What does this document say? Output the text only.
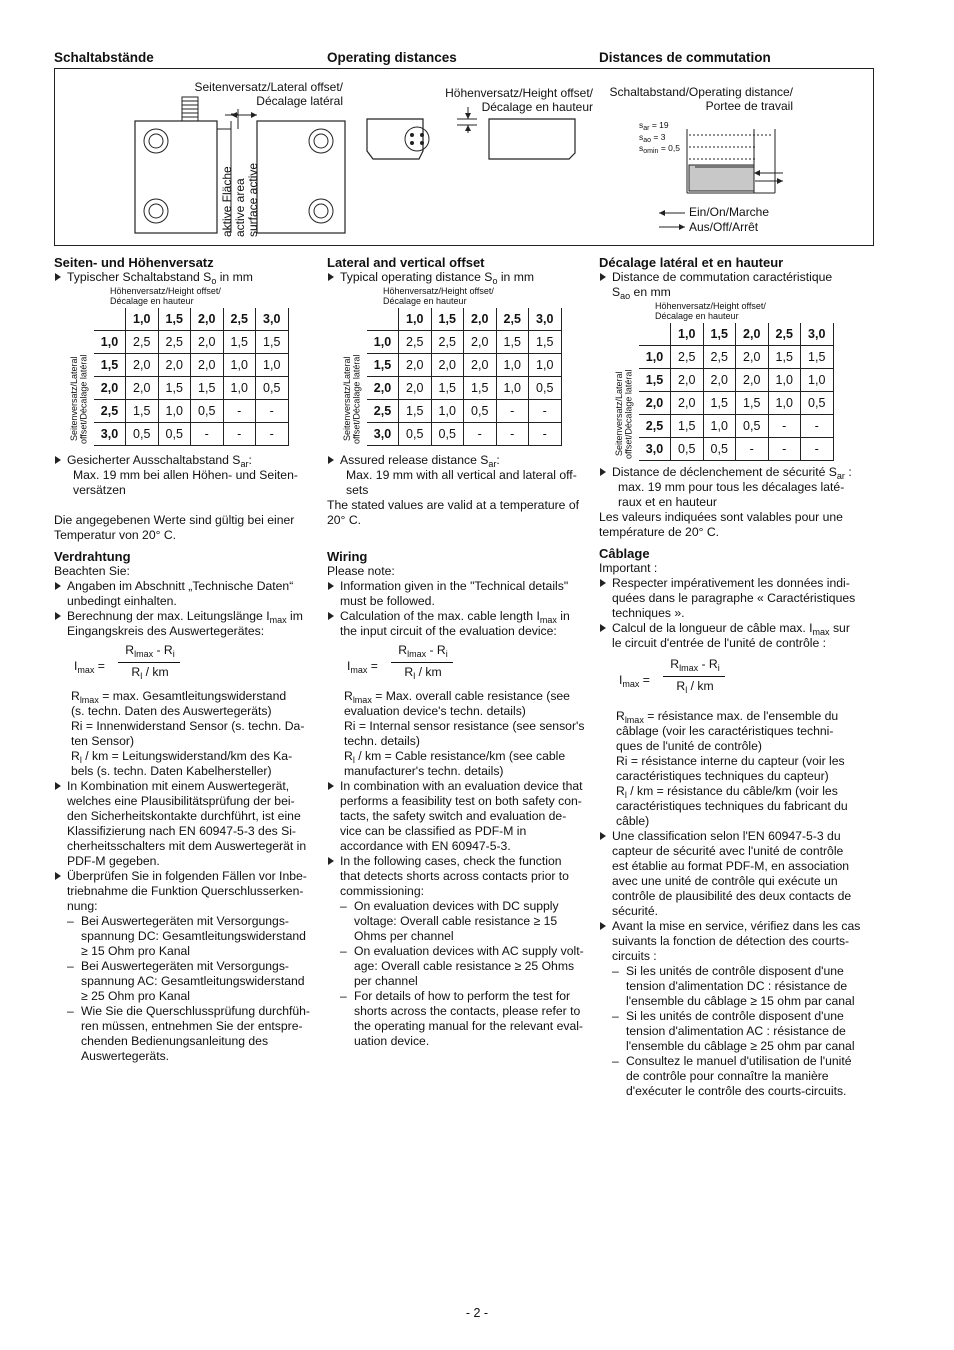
Schaltabstände	Operating distances	Distances de commutation
Seitenversatz/Lateral offset/
Décalage latéral
aktive Fläche active area surface active
Höhenversatz/Height offset/
Décalage en hauteur
Schaltabstand/Operating distance/
Portee de travail
$s_{ar} = 19$
$s_{ao} = 3$
$s_{omin} = 0,5$
Ein/On/Marche
Aus/Off/Arrêt
Seiten- und Höhenversatz
Typischer Schaltabstand $S_o$ in mm
Höhenversatz/Height offset/
Décalage en hauteur
Seitenversatz/Lateral offset/Décalage latéral
	1,0	1,5	2,0	2,5	3,0
1,0	2,5	2,5	2,0	1,5	1,5
1,5	2,0	2,0	2,0	1,0	1,0
2,0	2,0	1,5	1,5	1,0	0,5
2,5	1,5	1,0	0,5	-	-
3,0	0,5	0,5	-	-	-
Gesicherter Ausschaltabstand $S_{ar}$:
Max. 19 mm bei allen Höhen- und Seiten-
versätzen
Die angegebenen Werte sind gültig bei einer
Temperatur von 20° C.
Verdrahtung
Beachten Sie:
Angaben im Abschnitt „Technische Daten“
unbedingt einhalten.
Berechnung der max. Leitungslänge $I_{max}$ im
Eingangskreis des Auswertegerätes:
$I_{max}$ =
$R_{lmax} - R_i$
$R_l$ / km
$R_{lmax} = \max$. Gesamtleitungswiderstand
(s. techn. Daten des Auswertegeräts)
Ri = Innenwiderstand Sensor (s. techn. Da-
ten Sensor)
$R_l$ / km = Leitungswiderstand/km des Ka-
bels (s. techn. Daten Kabelhersteller)
In Kombination mit einem Auswertegerät,
welches eine Plausibilitätsprüfung der bei-
den Sicherheitskontakte durchführt, ist eine
Klassifizierung nach EN 60947-5-3 des Si-
cherheitsschalters mit dem Auswertegerät in
PDF-M gegeben.
Überprüfen Sie in folgenden Fällen vor Inbe-
triebnahme die Funktion Querschlusserken-
nung:
– Bei Auswertegeräten mit Versorgungs-
spannung DC: Gesamtleitungswiderstand
≥ 15 Ohm pro Kanal
– Bei Auswertegeräten mit Versorgungs-
spannung AC: Gesamtleitungswiderstand
≥ 25 Ohm pro Kanal
– Wie Sie die Querschlussprüfung durchfüh-
ren müssen, entnehmen Sie der entspre-
chenden Bedienungsanleitung des
Auswertegeräts.
Lateral and vertical offset
Typical operating distance $S_o$ in mm
Höhenversatz/Height offset/
Décalage en hauteur
Seitenversatz/Lateral offset/Décalage latéral
	1,0	1,5	2,0	2,5	3,0
1,0	2,5	2,5	2,0	1,5	1,5
1,5	2,0	2,0	2,0	1,0	1,0
2,0	2,0	1,5	1,5	1,0	0,5
2,5	1,5	1,0	0,5	-	-
3,0	0,5	0,5	-	-	-
Assured release distance $S_{ar}$:
Max. 19 mm with all vertical and lateral off-
sets
The stated values are valid at a temperature of
20° C.
Wiring
Please note:
Information given in the "Technical details"
must be followed.
Calculation of the max. cable length $I_{max}$ in
the input circuit of the evaluation device:
$I_{max}$ =
$R_{lmax} - R_i$
$R_l$ / km
$R_{lmax}$ = Max. overall cable resistance (see
evaluation device's techn. details)
Ri = Internal sensor resistance (see sensor's
techn. details)
$R_l$ / km = Cable resistance/km (see cable
manufacturer's techn. details)
In combination with an evaluation device that
performs a feasibility test on both safety con-
tacts, the safety switch and evaluation de-
vice can be classified as PDF-M in
accordance with EN 60947-5-3.
In the following cases, check the function
that detects shorts across contacts prior to
commissioning:
– On evaluation devices with DC supply
voltage: Overall cable resistance ≥ 15
Ohms per channel
– On evaluation devices with AC supply volt-
age: Overall cable resistance ≥ 25 Ohms
per channel
– For details of how to perform the test for
shorts across the contacts, please refer to
the operating manual for the relevant eval-
uation device.
Décalage latéral et en hauteur
Distance de commutation caractéristique
$S_{ao}$ en mm
Höhenversatz/Height offset/
Décalage en hauteur
Seitenversatz/Lateral offset/Décalage latéral
	1,0	1,5	2,0	2,5	3,0
1,0	2,5	2,5	2,0	1,5	1,5
1,5	2,0	2,0	2,0	1,0	1,0
2,0	2,0	1,5	1,5	1,0	0,5
2,5	1,5	1,0	0,5	-	-
3,0	0,5	0,5	-	-	-
Distance de déclenchement de sécurité $S_{ar}$ :
max. 19 mm pour tous les décalages laté-
raux et en hauteur
Les valeurs indiquées sont valables pour une
température de 20° C.
Câblage
Important :
Respecter impérativement les données indi-
quées dans le paragraphe « Caractéristiques
techniques ».
Calcul de la longueur de câble max. $I_{max}$ sur
le circuit d'entrée de l'unité de contrôle :
$I_{max}$ =
$R_{lmax} - R_i$
$R_l$ / km
$R_{lmax}$ = résistance max. de l'ensemble du
câblage (voir les caractéristiques techni-
ques de l'unité de contrôle)
Ri = résistance interne du capteur (voir les
caractéristiques techniques du capteur)
$R_l$ / km = résistance du câble/km (voir les
caractéristiques techniques du fabricant du
câble)
Une classification selon l'EN 60947-5-3 du
capteur de sécurité avec l'unité de contrôle
est établie au format PDF-M, en association
avec une unité de contrôle qui exécute un
contrôle de plausibilité des deux contacts de
sécurité.
Avant la mise en service, vérifiez dans les cas
suivants la fonction de détection des courts-
circuits :
– Si les unités de contrôle disposent d'une
tension d'alimentation DC : résistance de
l'ensemble du câblage ≥ 15 ohm par canal
– Si les unités de contrôle disposent d'une
tension d'alimentation AC : résistance de
l'ensemble du câblage ≥ 25 ohm par canal
– Consultez le manuel d'utilisation de l'unité
de contrôle pour connaître la manière
d'exécuter le contrôle des courts-circuits.
- 2 -
